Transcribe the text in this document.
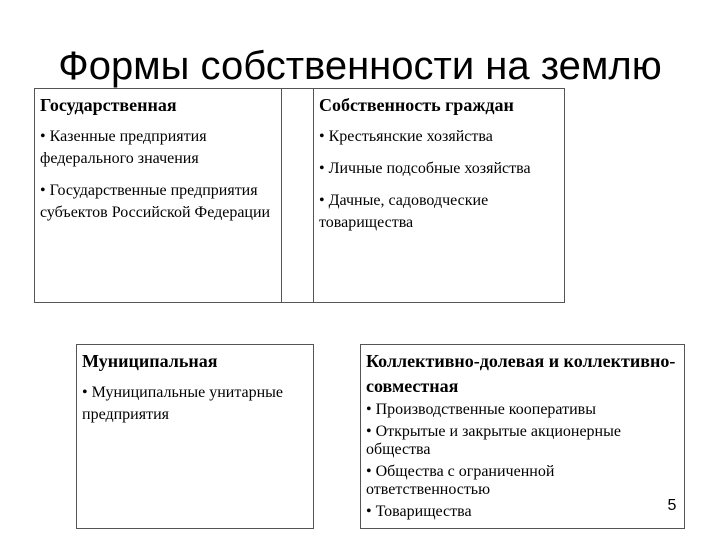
Формы собственности на землю
Государственная
• Казенные предприятия федерального значения
• Государственные предприятия субъектов Российской Федерации
Собственность граждан
• Крестьянские хозяйства
• Личные подсобные хозяйства
• Дачные, садоводческие товарищества
Муниципальная
• Муниципальные унитарные предприятия
Коллективно-долевая и коллективно-совместная
• Производственные кооперативы
• Открытые и закрытые акционерные общества
• Общества с ограниченной ответственностью
• Товарищества	5
